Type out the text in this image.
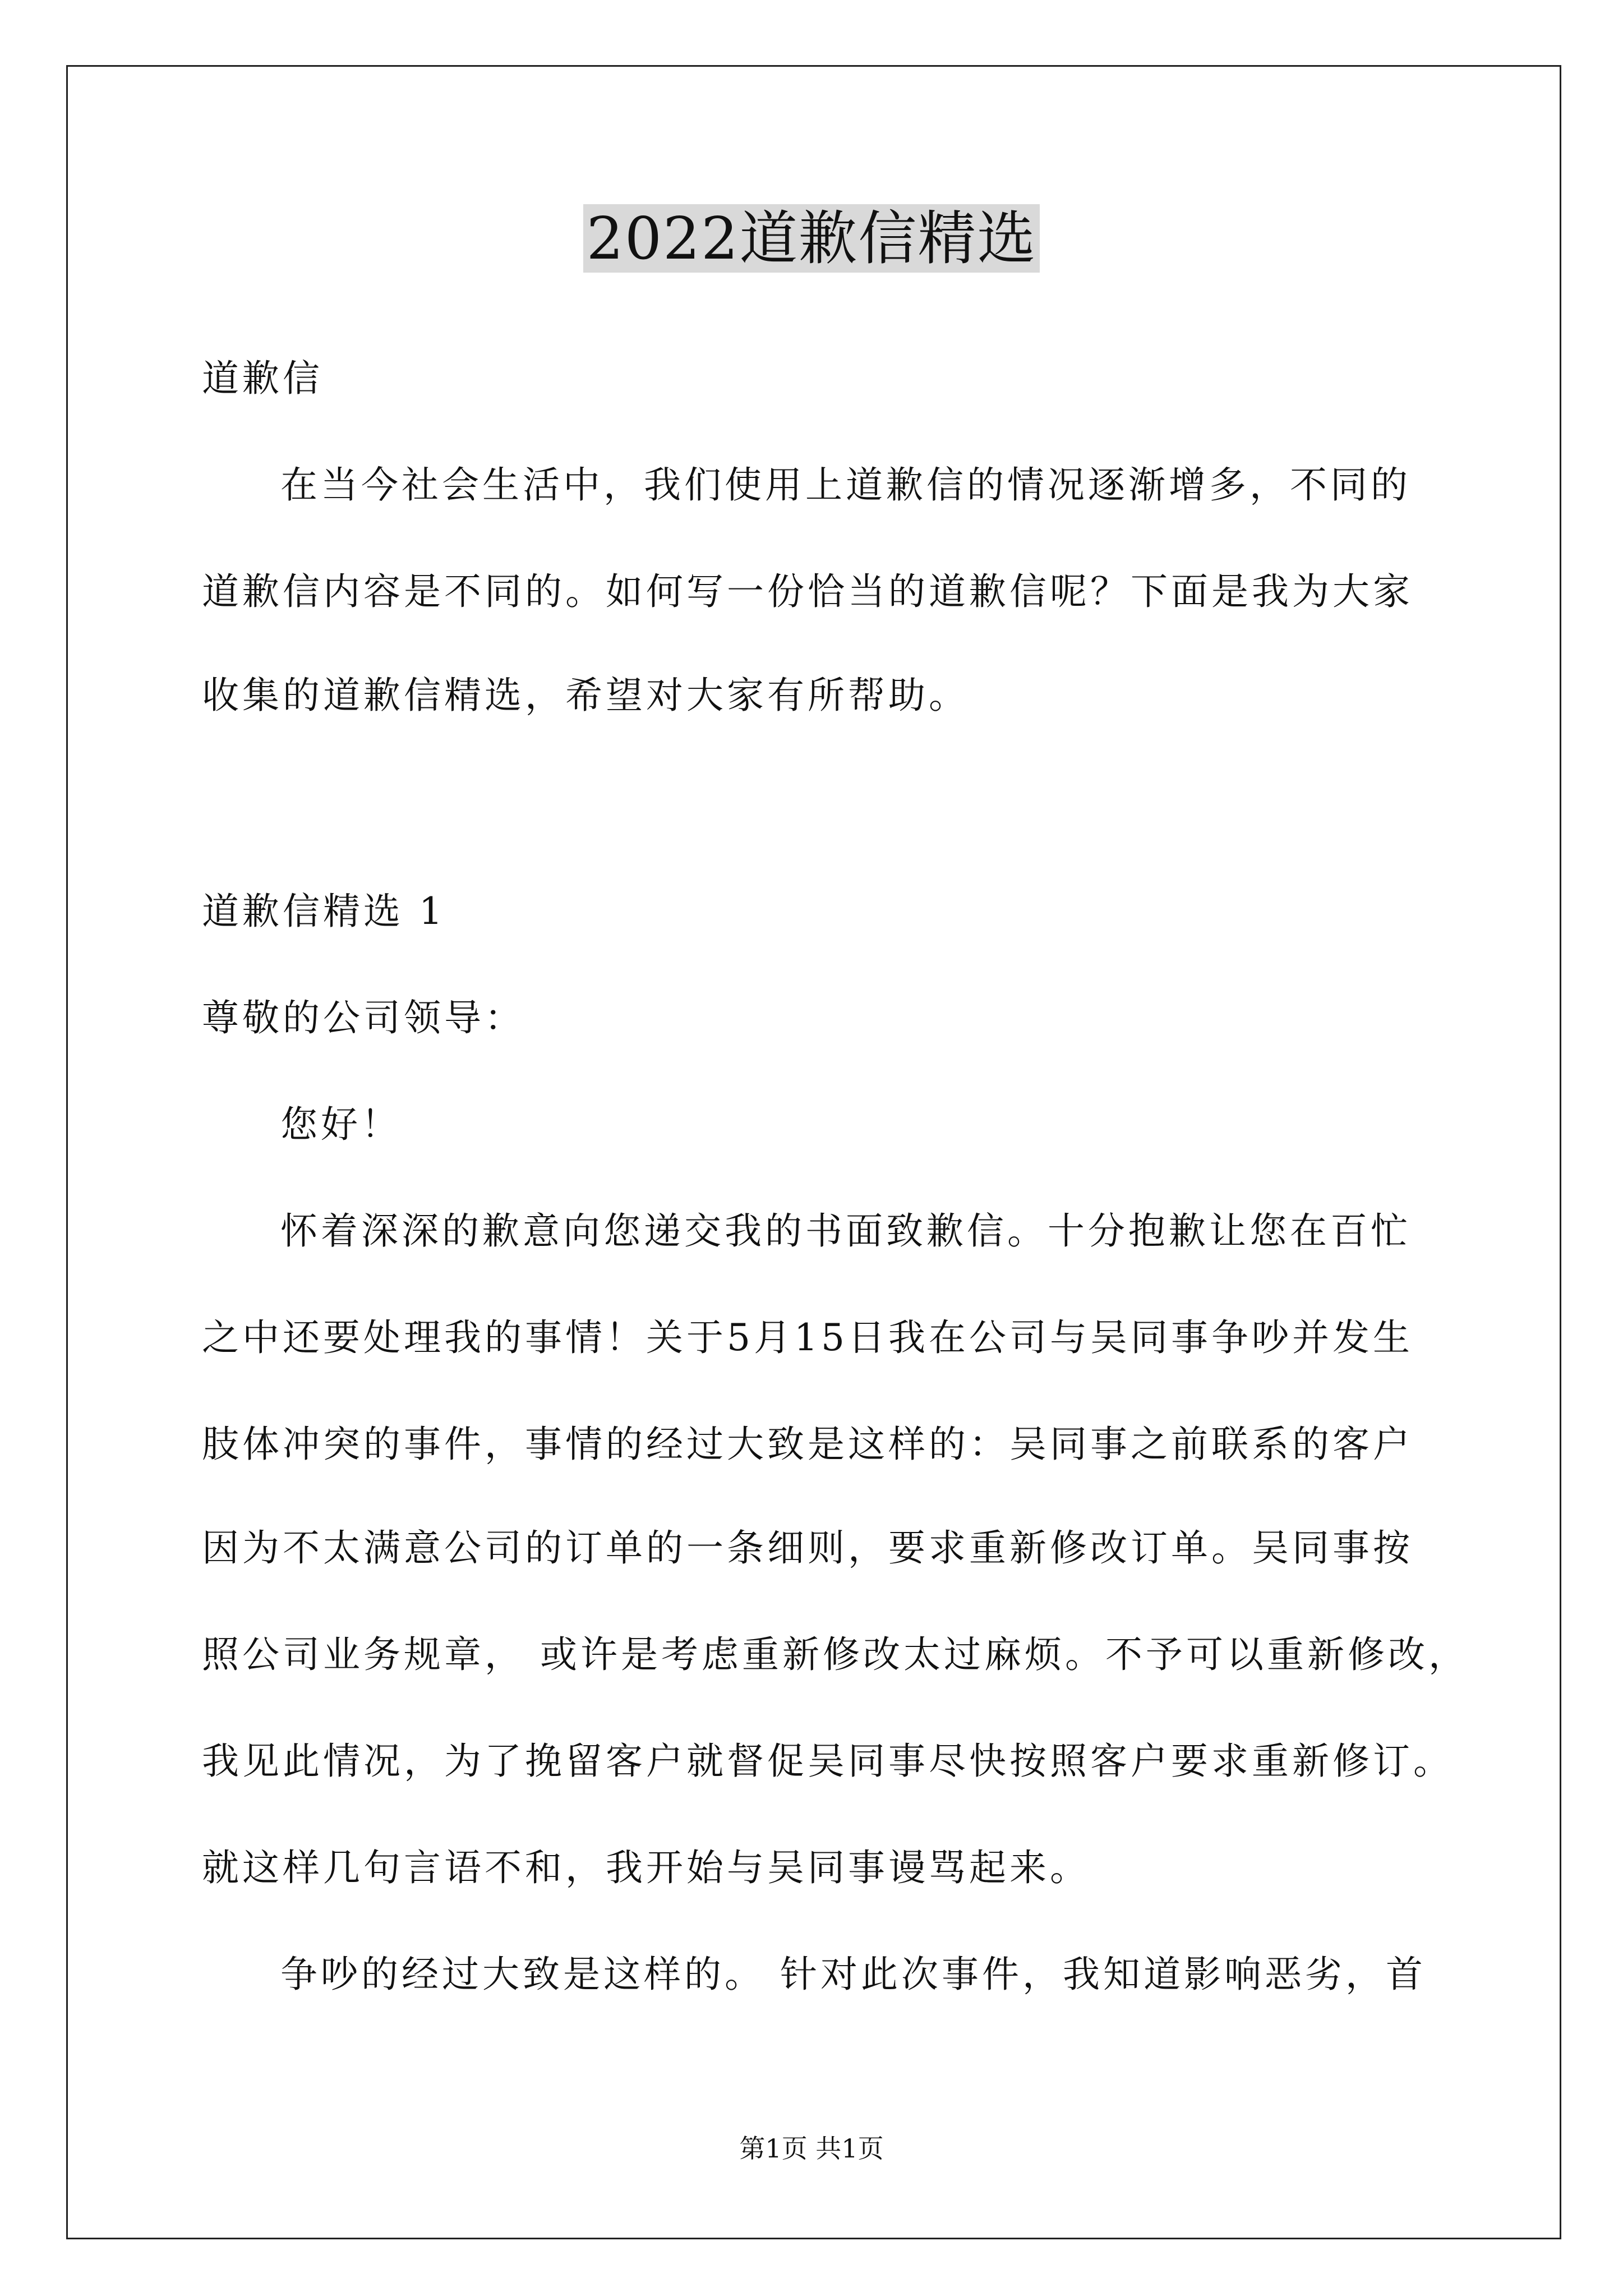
2022道歉信精选
道歉信
在当今社会生活中，我们使用上道歉信的情况逐渐增多，不同的
道歉信内容是不同的。如何写一份恰当的道歉信呢？下面是我为大家
收集的道歉信精选，希望对大家有所帮助。
道歉信精选 1
尊敬的公司领导：
您好！
怀着深深的歉意向您递交我的书面致歉信。十分抱歉让您在百忙
之中还要处理我的事情！关于5月15日我在公司与吴同事争吵并发生
肢体冲突的事件，事情的经过大致是这样的：吴同事之前联系的客户
因为不太满意公司的订单的一条细则，要求重新修改订单。吴同事按
照公司业务规章， 或许是考虑重新修改太过麻烦。不予可以重新修改，
我见此情况，为了挽留客户就督促吴同事尽快按照客户要求重新修订。
就这样几句言语不和，我开始与吴同事谩骂起来。
争吵的经过大致是这样的。 针对此次事件，我知道影响恶劣，首
第1页 共1页
